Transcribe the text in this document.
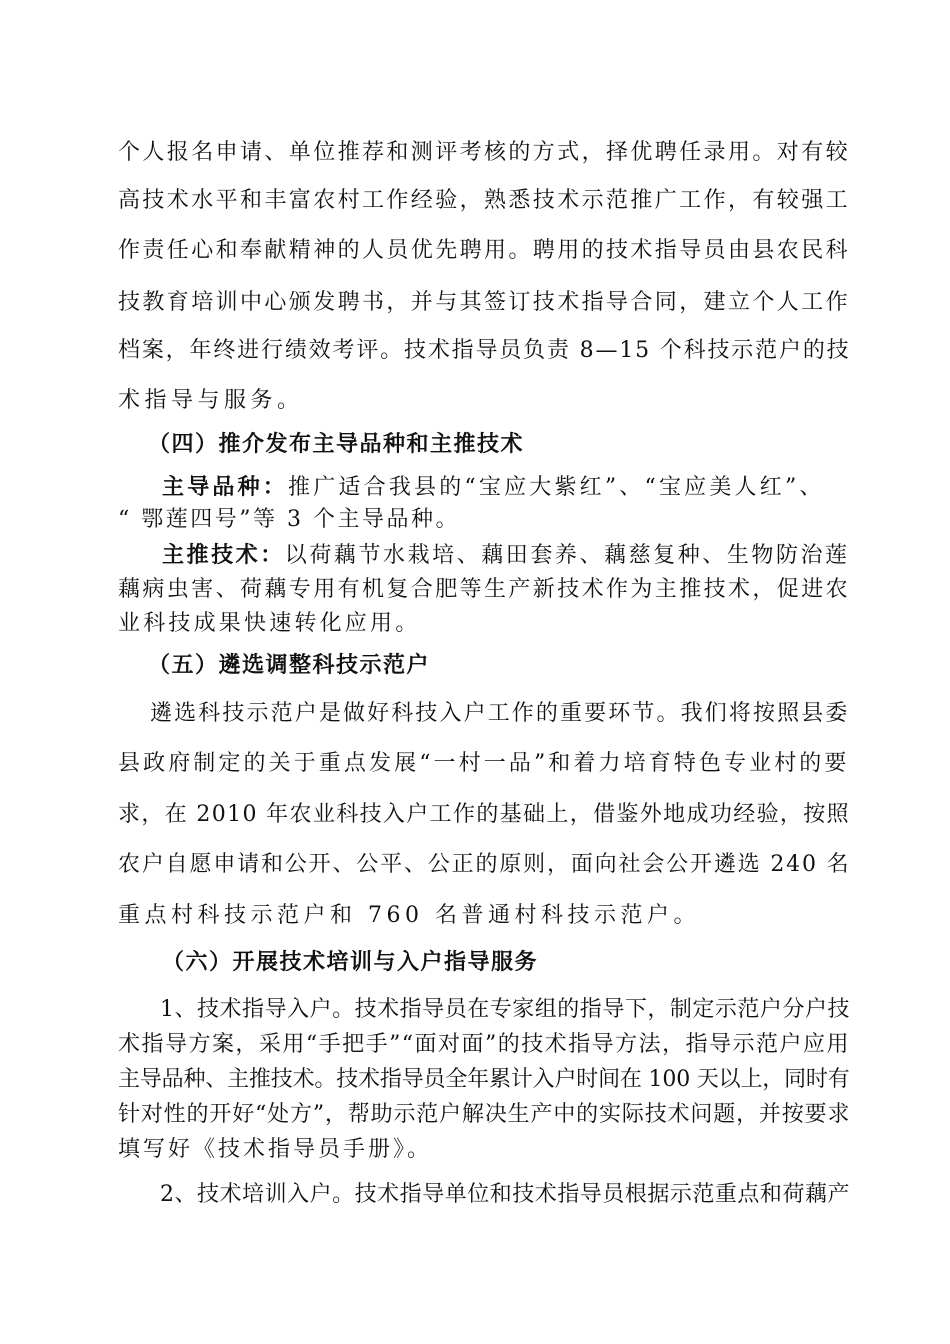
个人报名申请、单位推荐和测评考核的方式，择优聘任录用。对有较
高技术水平和丰富农村工作经验，熟悉技术示范推广工作，有较强工
作责任心和奉献精神的人员优先聘用。聘用的技术指导员由县农民科
技教育培训中心颁发聘书，并与其签订技术指导合同，建立个人工作
档案，年终进行绩效考评。技术指导员负责 8—15 个科技示范户的技
术指导与服务。
（四）推介发布主导品种和主推技术
主导品种：推广适合我县的“宝应大紫红”、“宝应美人红”、
“ 鄂莲四号”等 3 个主导品种。
主推技术：以荷藕节水栽培、藕田套养、藕慈复种、生物防治莲
藕病虫害、荷藕专用有机复合肥等生产新技术作为主推技术，促进农
业科技成果快速转化应用。
（五）遴选调整科技示范户
遴选科技示范户是做好科技入户工作的重要环节。我们将按照县委
县政府制定的关于重点发展“一村一品”和着力培育特色专业村的要
求，在 2010 年农业科技入户工作的基础上，借鉴外地成功经验，按照
农户自愿申请和公开、公平、公正的原则，面向社会公开遴选 240 名
重点村科技示范户和 760 名普通村科技示范户。
（六）开展技术培训与入户指导服务
1、技术指导入户。技术指导员在专家组的指导下，制定示范户分户技
术指导方案，采用“手把手”“面对面”的技术指导方法，指导示范户应用
主导品种、主推技术。技术指导员全年累计入户时间在 100 天以上，同时有
针对性的开好“处方”，帮助示范户解决生产中的实际技术问题，并按要求
填写好《技术指导员手册》。
2、技术培训入户。技术指导单位和技术指导员根据示范重点和荷藕产
